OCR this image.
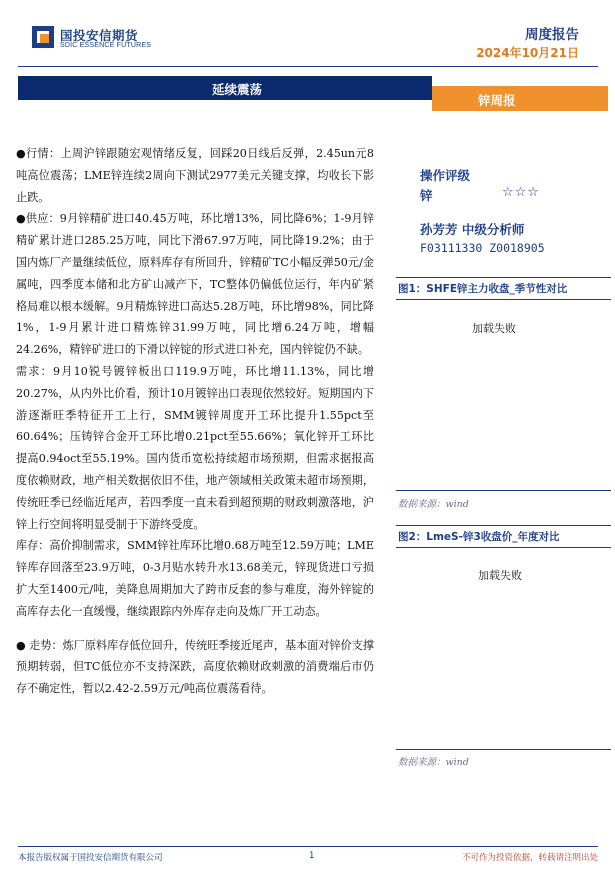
国投安信期货
SDIC ESSENCE FUTURES
周度报告
2024年10月21日
延续震荡
锌周报

●行情：上周沪锌跟随宏观情绪反复，回踩20日线后反弹，2.45un元8吨高位震荡；LME锌连续2周向下测试2977美元关键支撑，均收长下影止跌。

●供应：9月锌精矿进口40.45万吨，环比增13%，同比降6%；1-9月锌精矿累计进口285.25万吨，同比下滑67.97万吨，同比降19.2%；由于国内炼厂产量继续低位，原料库存有所回升，锌精矿TC小幅反弹50元/金属吨，四季度本储和北方矿山减产下，TC整体仍偏低位运行，年内矿紧格局难以根本缓解。9月精炼锌进口高达5.28万吨，环比增98%，同比降1%，1-9月累计进口精炼锌31.99万吨，同比增6.24万吨，增幅24.26%，精锌矿进口的下滑以锌锭的形式进口补充，国内锌锭仍不缺。

需求：9月10锐号镀锌板出口119.9万吨，环比增11.13%，同比增20.27%，从内外比价看，预计10月镀锌出口表现依然较好。短期国内下游逐渐旺季特征开工上行，SMM镀锌周度开工环比提升1.55pct至60.64%；压铸锌合金开工环比增0.21pct至55.66%；氧化锌开工环比提高0.94oct至55.19%。国内货币宽松持续超市场预期，但需求据报高度依赖财政，地产相关数据依旧不佳，地产领域相关政策未超市场预期，传统旺季已经临近尾声，若四季度一直未看到超预期的财政刺激落地，沪锌上行空间将明显受制于下游终受度。

库存：高价抑制需求，SMM锌社库环比增0.68万吨至12.59万吨；LME锌库存回落至23.9万吨，0-3月贴水转升水13.68美元，锌现货进口亏损扩大至1400元/吨，美降息周期加大了跨市反套的参与难度，海外锌锭的高库存去化一直缓慢，继续跟踪内外库存走向及炼厂开工动态。

● 走势：炼厂原料库存低位回升，传统旺季接近尾声，基本面对锌价支撑预期转弱，但TC低位亦不支持深跌，高度依赖财政刺激的消费端后市仍存不确定性，暂以2.42-2.59万元/吨高位震荡看待。

操作评级
锌	☆☆☆
孙芳芳 中级分析师
F03111330 Z0018905
图1：SHFE锌主力收盘_季节性对比
加载失败
数据来源：wind
图2：LmeS-锌3收盘价_年度对比
加载失败
数据来源：wind
本报告版权属于国投安信期货有限公司	1	不可作为投资依据，转载请注明出处
